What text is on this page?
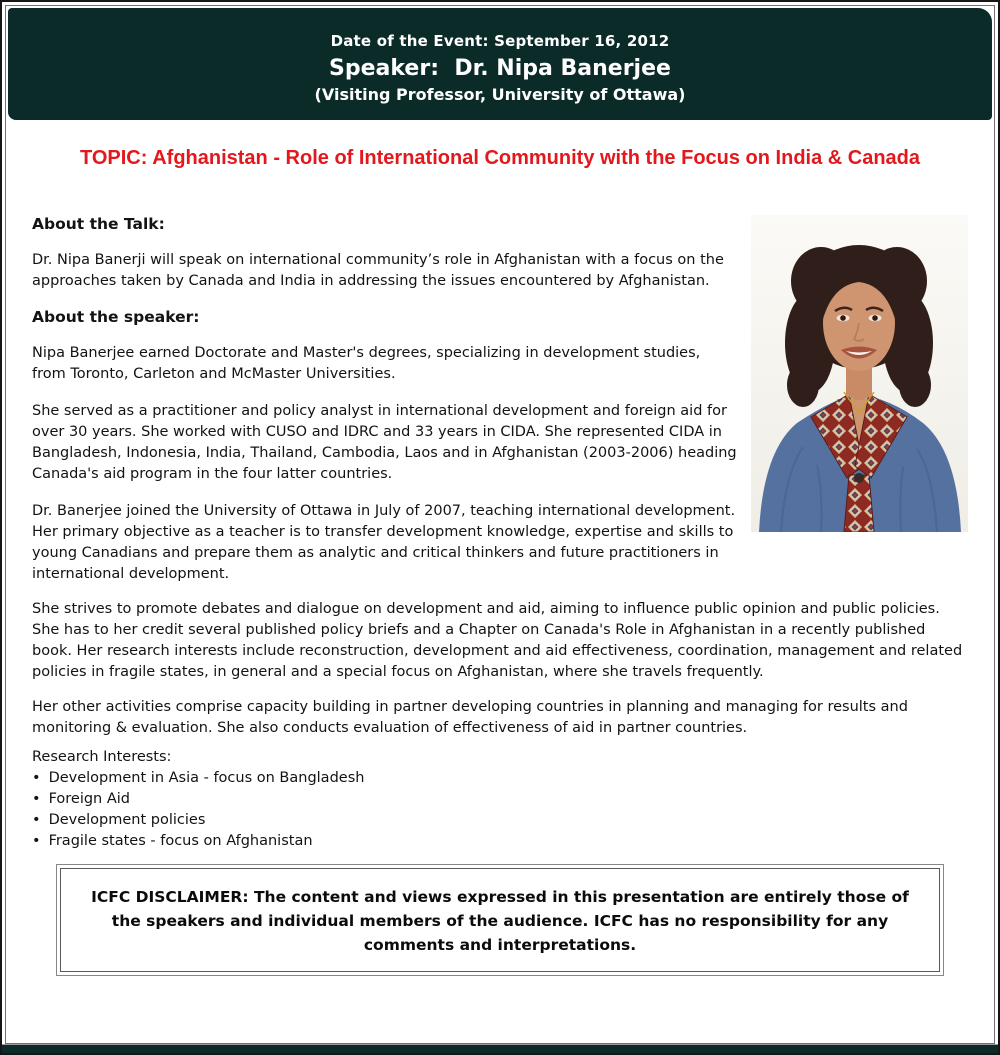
Date of the Event: September 16, 2012
Speaker:  Dr. Nipa Banerjee
(Visiting Professor, University of Ottawa)
TOPIC: Afghanistan - Role of International Community with the Focus on India & Canada
About the Talk:

Dr. Nipa Banerji will speak on international community’s role in Afghanistan with a focus on the approaches taken by Canada and India in addressing the issues encountered by Afghanistan.

About the speaker:

Nipa Banerjee earned Doctorate and Master's degrees, specializing in development studies, from Toronto, Carleton and McMaster Universities.

She served as a practitioner and policy analyst in international development and foreign aid for over 30 years. She worked with CUSO and IDRC and 33 years in CIDA. She represented CIDA in Bangladesh, Indonesia, India, Thailand, Cambodia, Laos and in Afghanistan (2003-2006) heading Canada's aid program in the four latter countries.

Dr. Banerjee joined the University of Ottawa in July of 2007, teaching international development. Her primary objective as a teacher is to transfer development knowledge, expertise and skills to young Canadians and prepare them as analytic and critical thinkers and future practitioners in international development.

She strives to promote debates and dialogue on development and aid, aiming to influence public opinion and public policies. She has to her credit several published policy briefs and a Chapter on Canada's Role in Afghanistan in a recently published book. Her research interests include reconstruction, development and aid effectiveness, coordination, management and related policies in fragile states, in general and a special focus on Afghanistan, where she travels frequently.

Her other activities comprise capacity building in partner developing countries in planning and managing for results and monitoring & evaluation. She also conducts evaluation of effectiveness of aid in partner countries.

Research Interests:
• Development in Asia - focus on Bangladesh
• Foreign Aid
• Development policies
• Fragile states - focus on Afghanistan
ICFC DISCLAIMER: The content and views expressed in this presentation are entirely those of the speakers and individual members of the audience. ICFC has no responsibility for any comments and interpretations.
